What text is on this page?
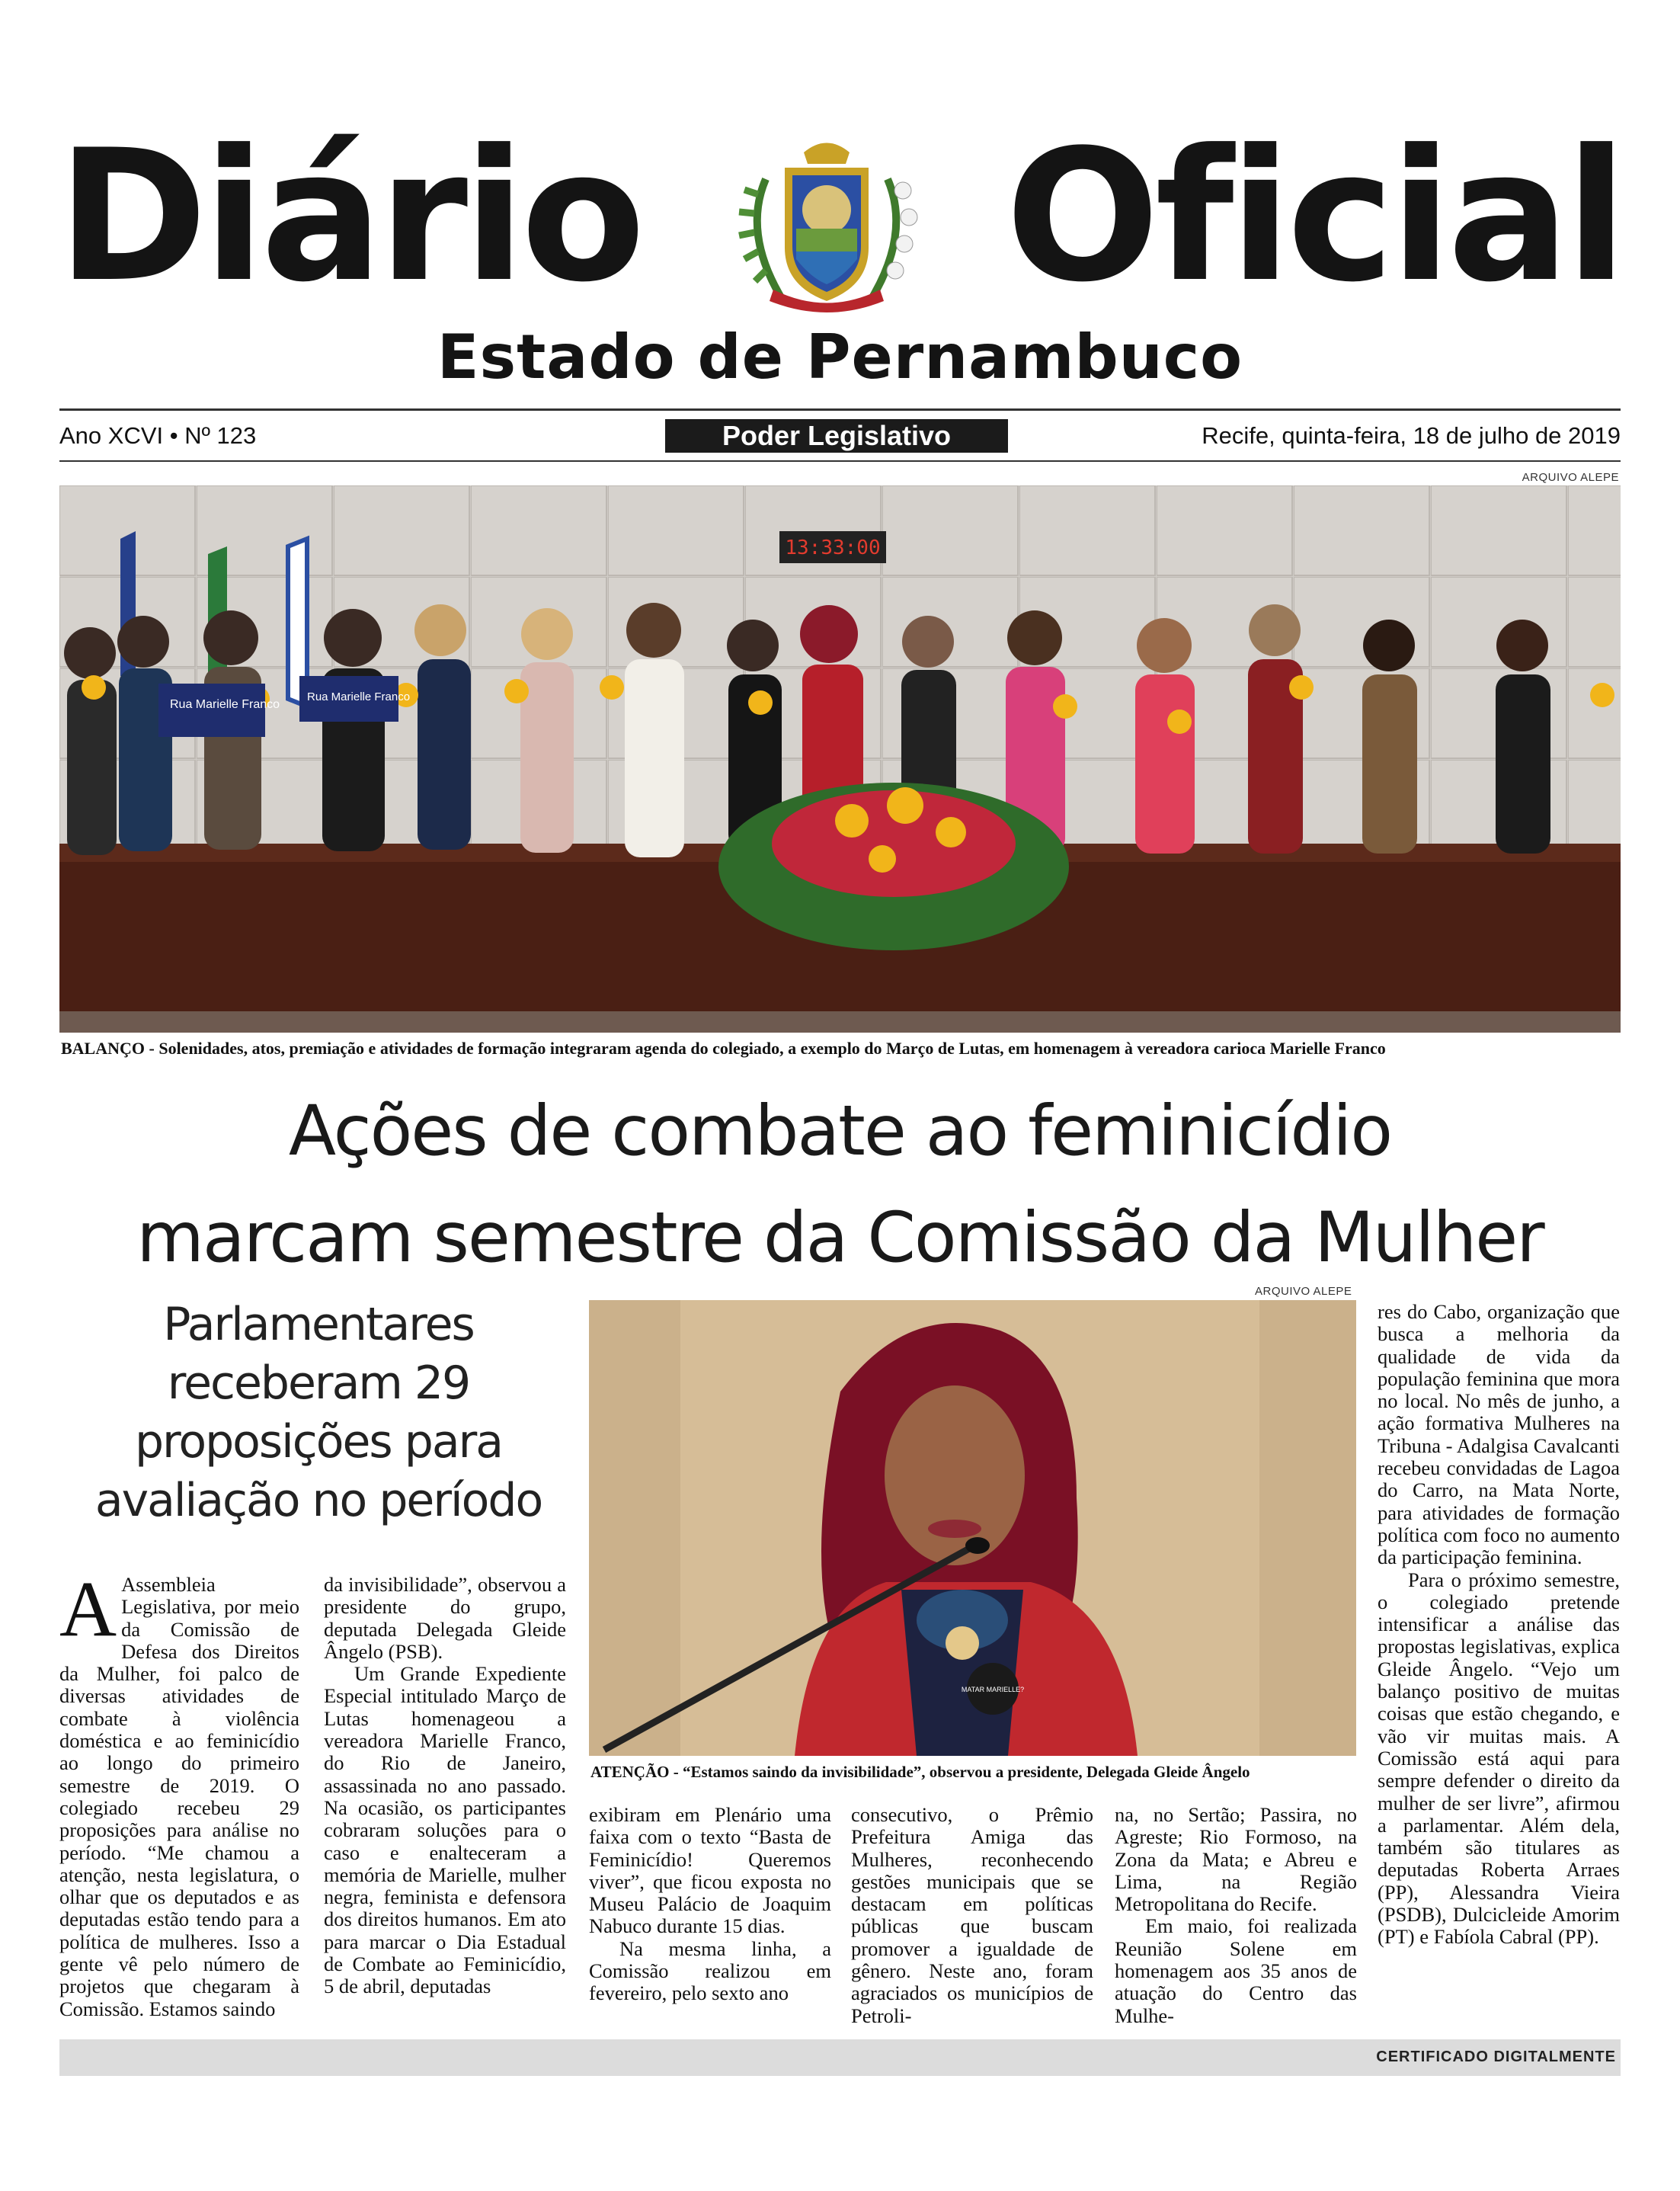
Diário Oficial
Estado de Pernambuco
Ano XCVI • Nº 123	Poder Legislativo	Recife, quinta-feira, 18 de julho de 2019
ARQUIVO ALEPE
13:33:00
Rua Marielle Franco
Rua Marielle Franco
BALANÇO - Solenidades, atos, premiação e atividades de formação integraram agenda do colegiado, a exemplo do Março de Lutas, em homenagem à vereadora carioca Marielle Franco
Ações de combate ao feminicídio
marcam semestre da Comissão da Mulher
Parlamentares receberam 29 proposições para avaliação no período

A Assembleia Legislativa, por meio da Comissão de Defesa dos Direitos da Mulher, foi palco de diversas atividades de combate à violência doméstica e ao feminicídio ao longo do primeiro semestre de 2019. O colegiado recebeu 29 proposições para análise no período. “Me chamou a atenção, nesta legislatura, o olhar que os deputados e as deputadas estão tendo para a política de mulheres. Isso a gente vê pelo número de projetos que chegaram à Comissão. Estamos saindo

da invisibilidade”, observou a presidente do grupo, deputada Delegada Gleide Ângelo (PSB).

Um Grande Expediente Especial intitulado Março de Lutas homenageou a vereadora Marielle Franco, do Rio de Janeiro, assassinada no ano passado. Na ocasião, os participantes cobraram soluções para o caso e enalteceram a memória de Marielle, mulher negra, feminista e defensora dos direitos humanos. Em ato para marcar o Dia Estadual de Combate ao Feminicídio, 5 de abril, deputadas

ARQUIVO ALEPE
MATAR MARIELLE?
ATENÇÃO - “Estamos saindo da invisibilidade”, observou a presidente, Delegada Gleide Ângelo

exibiram em Plenário uma faixa com o texto “Basta de Feminicídio! Queremos viver”, que ficou exposta no Museu Palácio de Joaquim Nabuco durante 15 dias.

Na mesma linha, a Comissão realizou em fevereiro, pelo sexto ano

consecutivo, o Prêmio Prefeitura Amiga das Mulheres, reconhecendo gestões municipais que se destacam em políticas públicas que buscam promover a igualdade de gênero. Neste ano, foram agraciados os municípios de Petroli-

na, no Sertão; Passira, no Agreste; Rio Formoso, na Zona da Mata; e Abreu e Lima, na Região Metropolitana do Recife.

Em maio, foi realizada Reunião Solene em homenagem aos 35 anos de atuação do Centro das Mulhe-

res do Cabo, organização que busca a melhoria da qualidade de vida da população feminina que mora no local. No mês de junho, a ação formativa Mulheres na Tribuna - Adalgisa Cavalcanti recebeu convidadas de Lagoa do Carro, na Mata Norte, para atividades de formação política com foco no aumento da participação feminina.

Para o próximo semestre, o colegiado pretende intensificar a análise das propostas legislativas, explica Gleide Ângelo. “Vejo um balanço positivo de muitas coisas que estão chegando, e vão vir muitas mais. A Comissão está aqui para sempre defender o direito da mulher de ser livre”, afirmou a parlamentar. Além dela, também são titulares as deputadas Roberta Arraes (PP), Alessandra Vieira (PSDB), Dulcicleide Amorim (PT) e Fabíola Cabral (PP).

CERTIFICADO DIGITALMENTE
